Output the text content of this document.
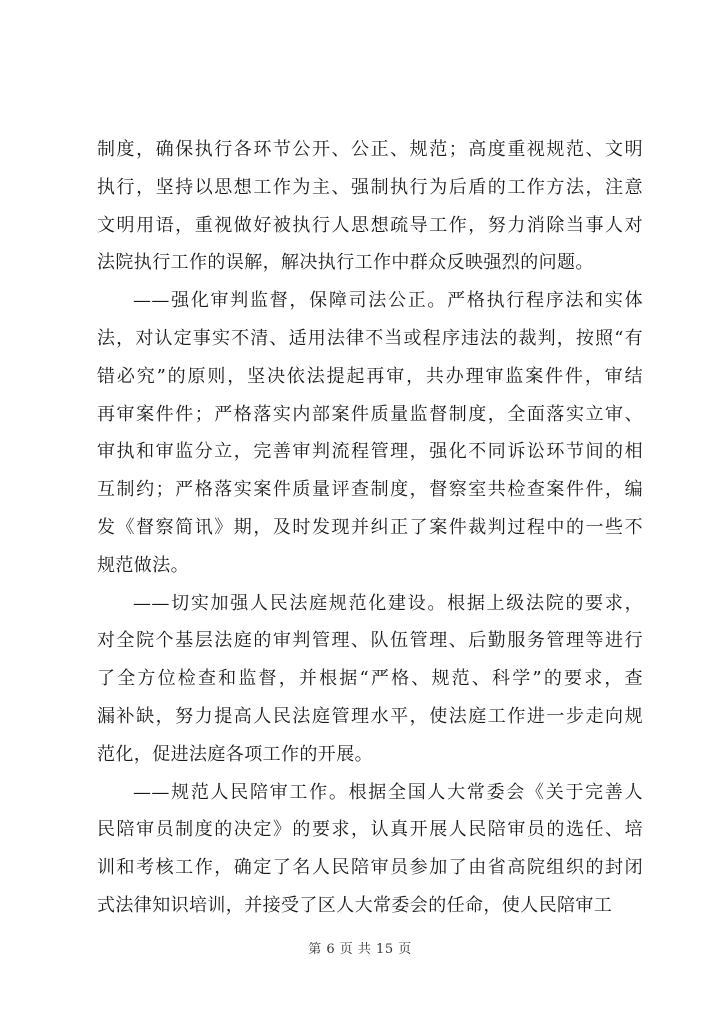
制度，确保执行各环节公开、公正、规范；高度重视规范、文明
执行，坚持以思想工作为主、强制执行为后盾的工作方法，注意
文明用语，重视做好被执行人思想疏导工作，努力消除当事人对
法院执行工作的误解，解决执行工作中群众反映强烈的问题。
——强化审判监督，保障司法公正。严格执行程序法和实体
法，对认定事实不清、适用法律不当或程序违法的裁判，按照“有
错必究”的原则，坚决依法提起再审，共办理审监案件件，审结
再审案件件；严格落实内部案件质量监督制度，全面落实立审、
审执和审监分立，完善审判流程管理，强化不同诉讼环节间的相
互制约；严格落实案件质量评查制度，督察室共检查案件件，编
发《督察简讯》期，及时发现并纠正了案件裁判过程中的一些不
规范做法。
——切实加强人民法庭规范化建设。根据上级法院的要求，
对全院个基层法庭的审判管理、队伍管理、后勤服务管理等进行
了全方位检查和监督，并根据“严格、规范、科学”的要求，查
漏补缺，努力提高人民法庭管理水平，使法庭工作进一步走向规
范化，促进法庭各项工作的开展。
——规范人民陪审工作。根据全国人大常委会《关于完善人
民陪审员制度的决定》的要求，认真开展人民陪审员的选任、培
训和考核工作，确定了名人民陪审员参加了由省高院组织的封闭
式法律知识培训，并接受了区人大常委会的任命，使人民陪审工
第 6 页 共 15 页
